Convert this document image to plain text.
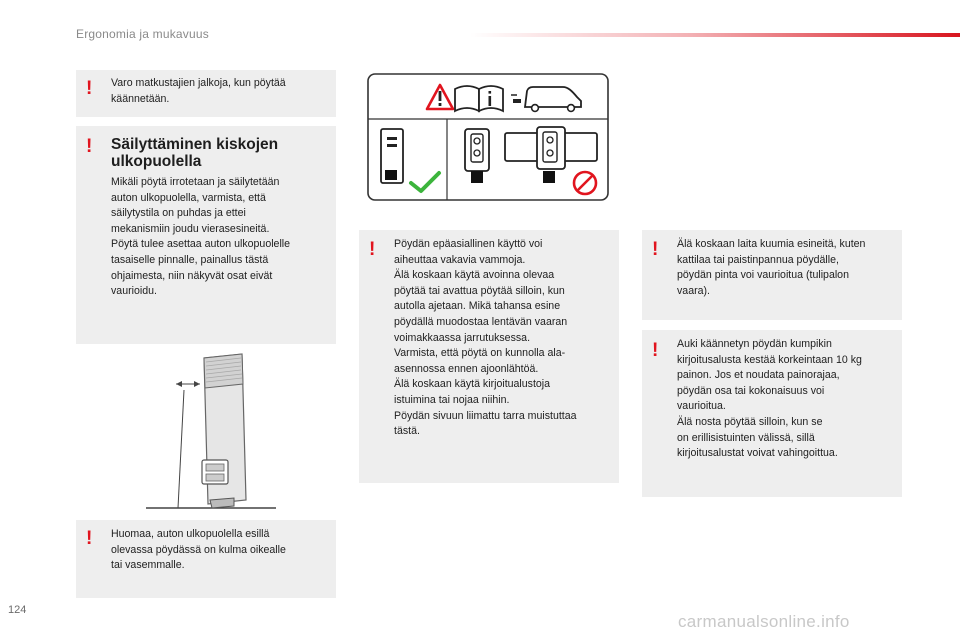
Ergonomia ja mukavuus
! Varo matkustajien jalkoja, kun pöytää
käännetään.
! Säilyttäminen kiskojen
ulkopuolella
Mikäli pöytä irrotetaan ja säilytetään
auton ulkopuolella, varmista, että
säilytystila on puhdas ja ettei
mekanismiin joudu vierasesineitä.
Pöytä tulee asettaa auton ulkopuolelle
tasaiselle pinnalle, painallus tästä
ohjaimesta, niin näkyvät osat eivät
vaurioidu.
! Huomaa, auton ulkopuolella esillä
olevassa pöydässä on kulma oikealle
tai vasemmalle.
! Pöydän epäasiallinen käyttö voi
aiheuttaa vakavia vammoja.
Älä koskaan käytä avoinna olevaa
pöytää tai avattua pöytää silloin, kun
autolla ajetaan. Mikä tahansa esine
pöydällä muodostaa lentävän vaaran
voimakkaassa jarrutuksessa.
Varmista, että pöytä on kunnolla ala-
asennossa ennen ajoonlähtöä.
Älä koskaan käytä kirjoitualustoja
istuimina tai nojaa niihin.
Pöydän sivuun liimattu tarra muistuttaa
tästä.
! Älä koskaan laita kuumia esineitä, kuten
kattilaa tai paistinpannua pöydälle,
pöydän pinta voi vaurioitua (tulipalon
vaara).
! Auki käännetyn pöydän kumpikin
kirjoitusalusta kestää korkeintaan 10 kg
painon. Jos et noudata painorajaa,
pöydän osa tai kokonaisuus voi
vaurioitua.
Älä nosta pöytää silloin, kun se
on erillisistuinten välissä, sillä
kirjoitusalustat voivat vahingoittua.
124
carmanualsonline.info
